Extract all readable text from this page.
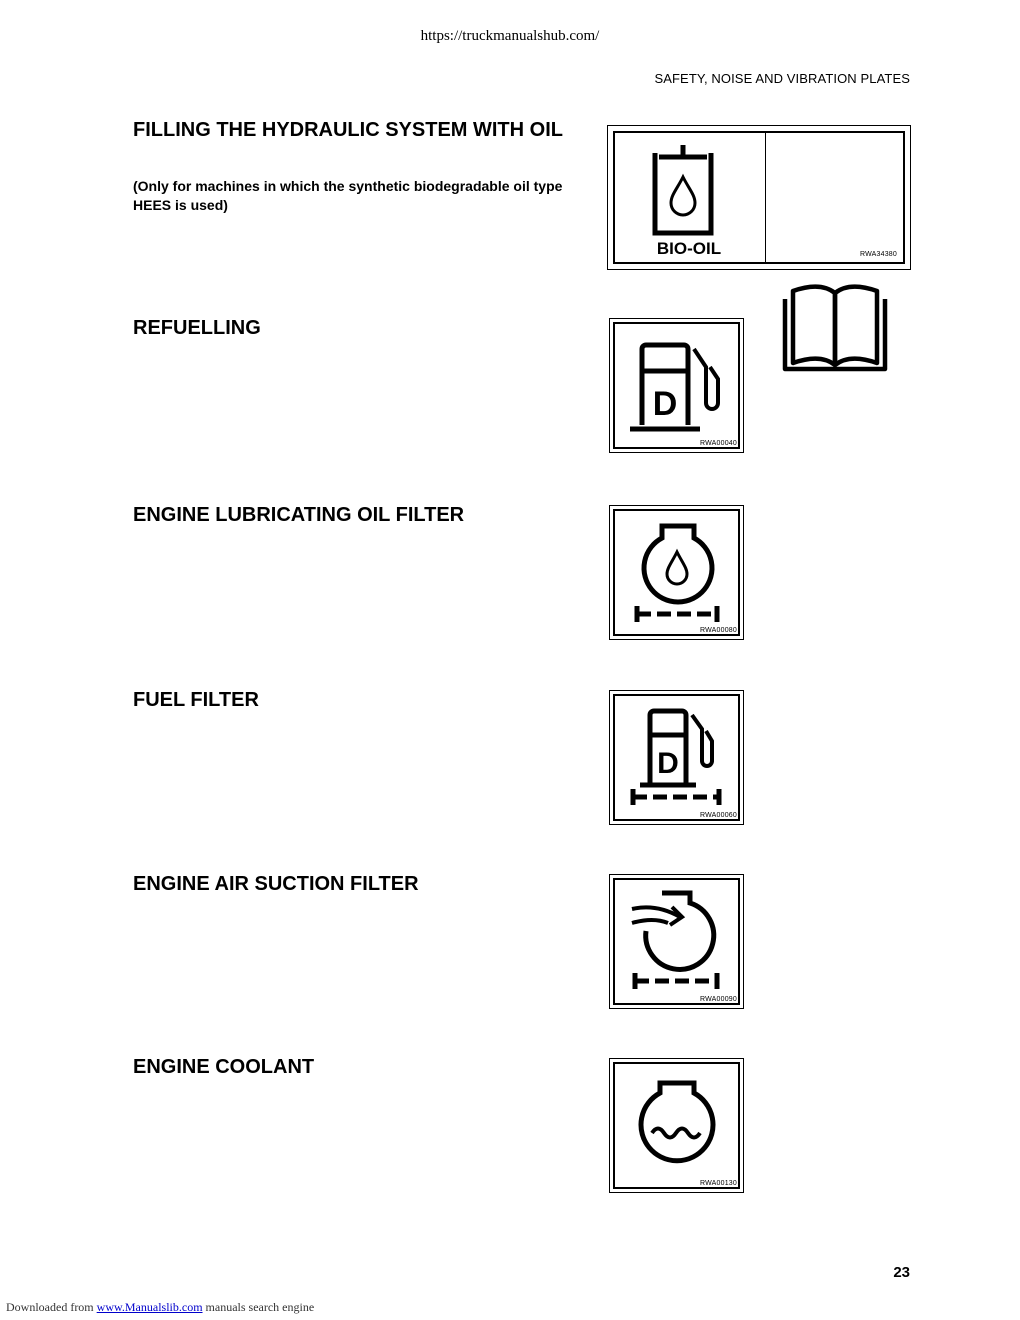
https://truckmanualshub.com/
SAFETY, NOISE AND VIBRATION PLATES
FILLING THE HYDRAULIC SYSTEM WITH OIL
(Only for machines in which the synthetic biodegradable oil type HEES is used)

BIO-OIL	RWA34380
REFUELLING
D
RWA00040
ENGINE LUBRICATING OIL FILTER
RWA00080
FUEL FILTER
D
RWA00060
ENGINE AIR SUCTION FILTER
RWA00090
ENGINE COOLANT
RWA00130
23
Downloaded from www.Manualslib.com manuals search engine
